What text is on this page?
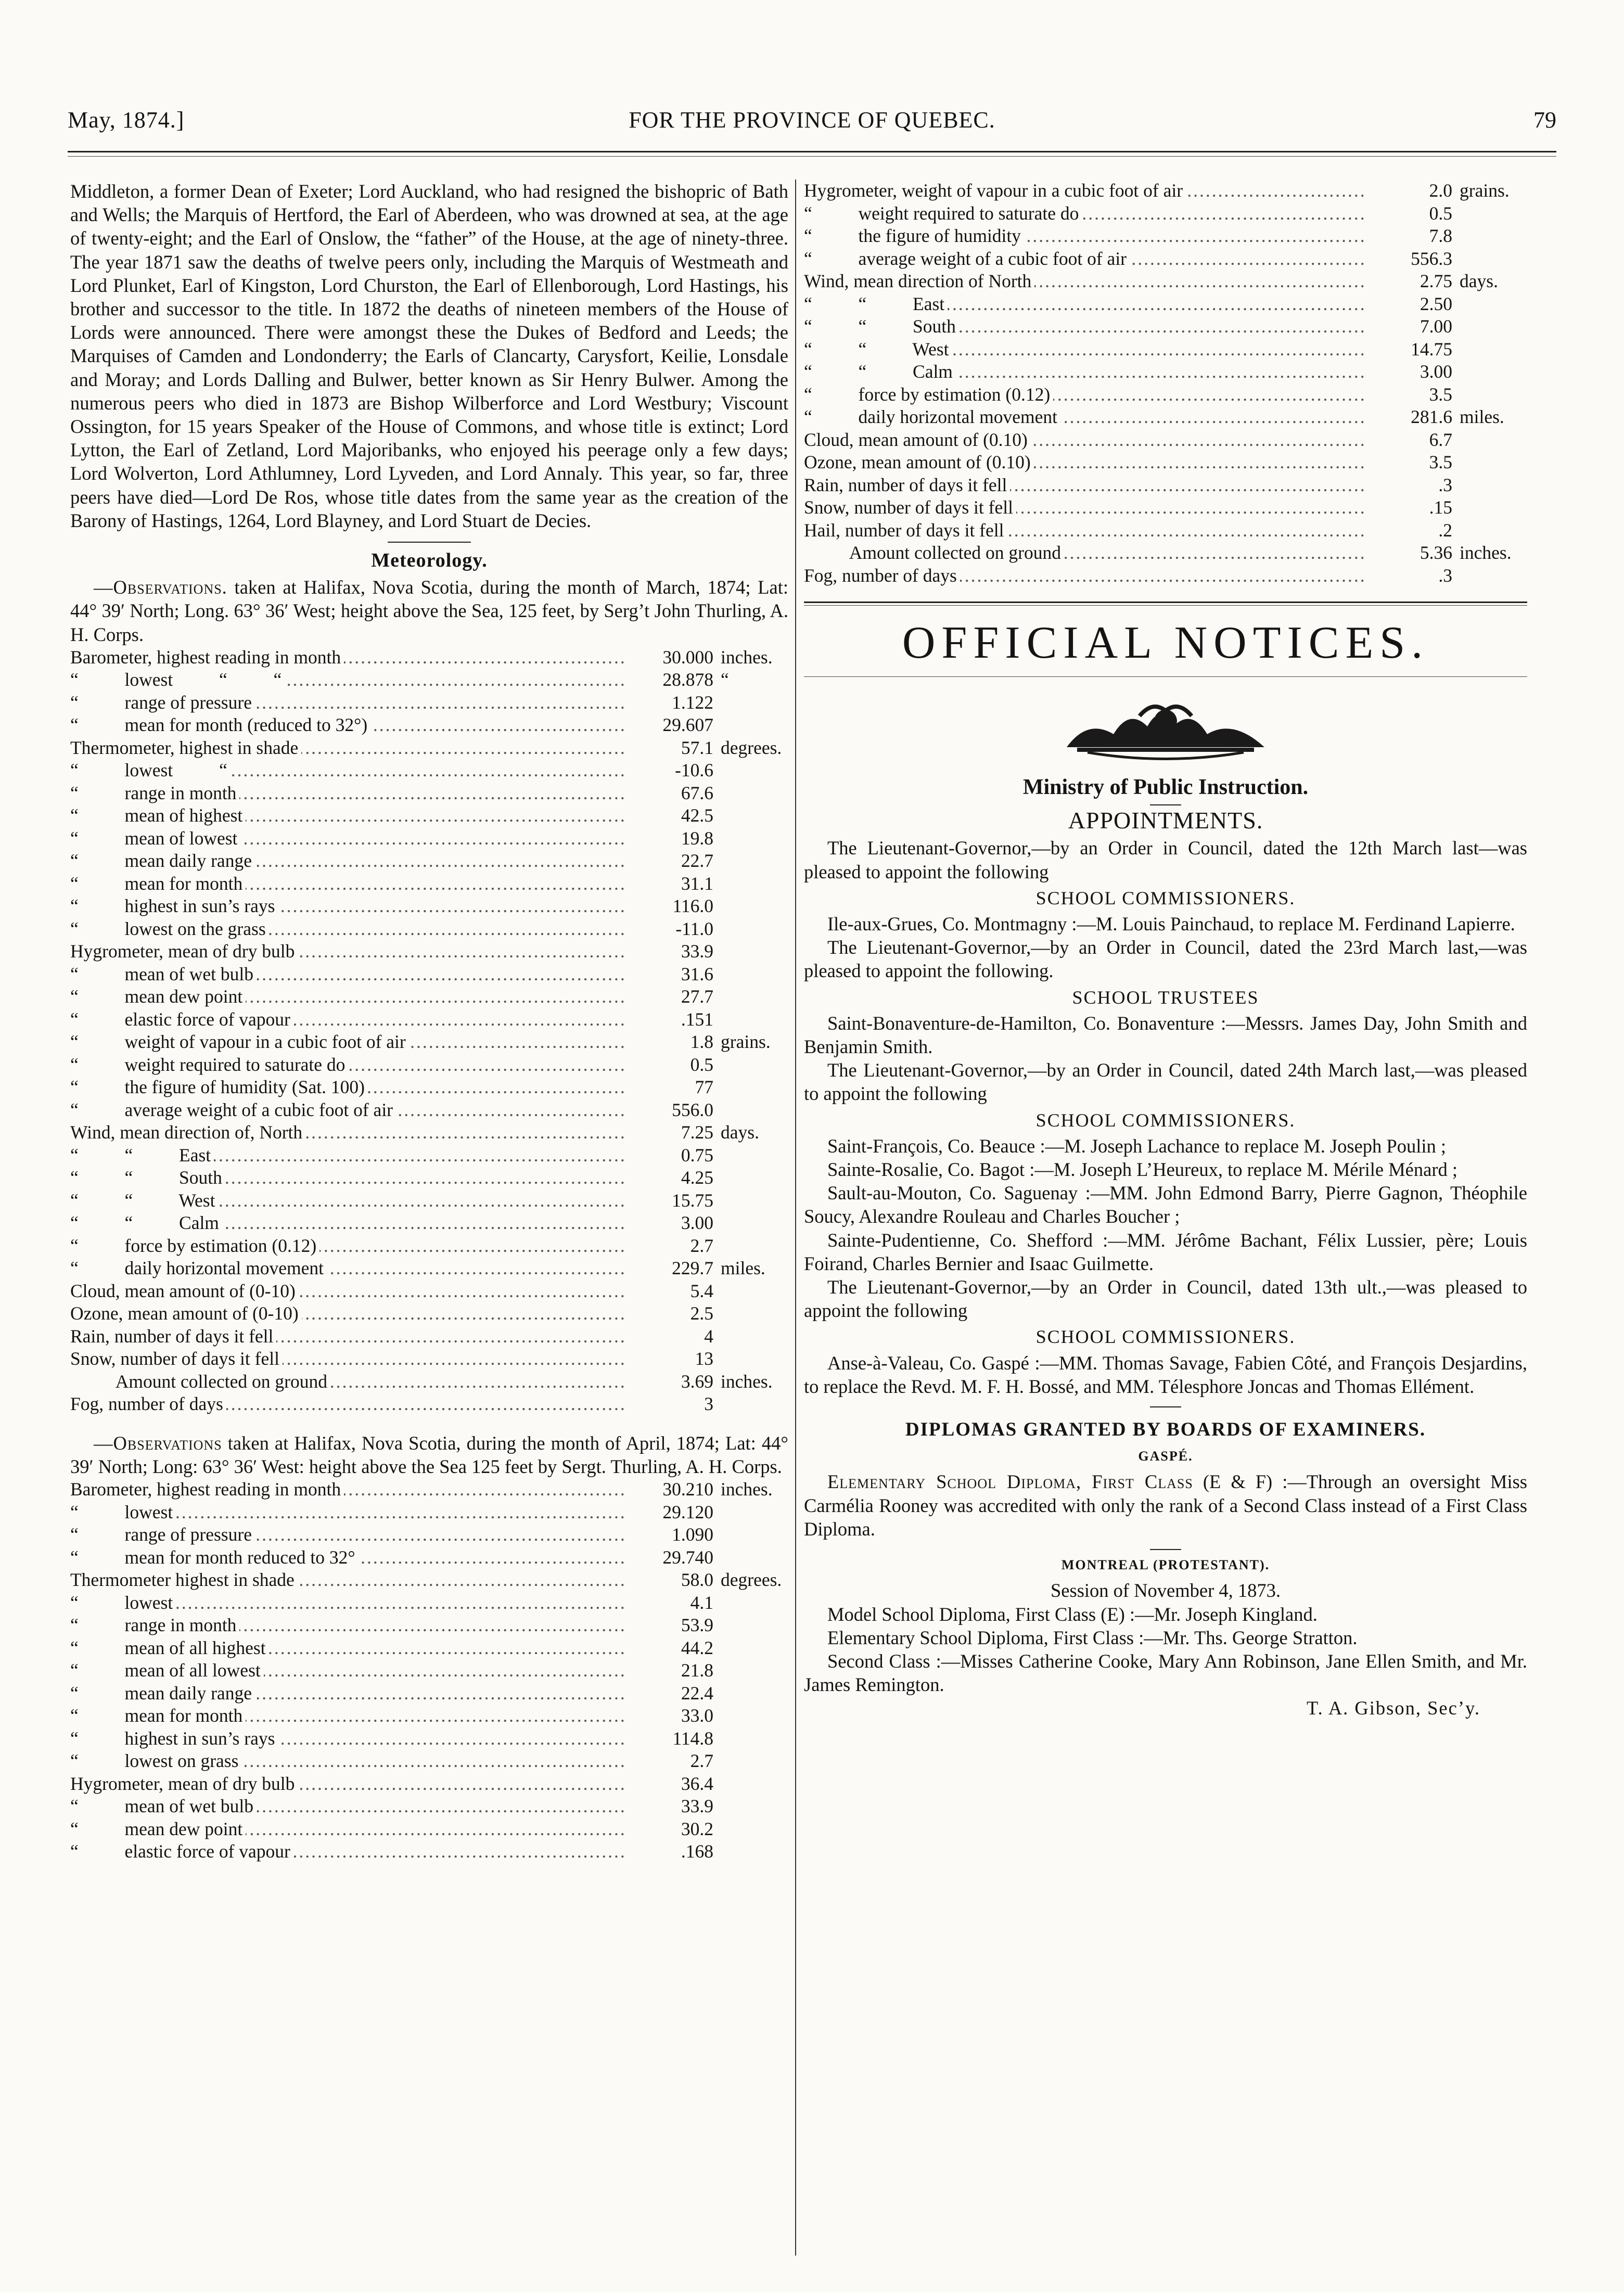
May, 1874.]	FOR THE PROVINCE OF QUEBEC.	79

Middleton, a former Dean of Exeter; Lord Auckland, who had resigned the bishopric of Bath and Wells; the Marquis of Hertford, the Earl of Aberdeen, who was drowned at sea, at the age of twenty-eight; and the Earl of Onslow, the “father” of the House, at the age of ninety-three. The year 1871 saw the deaths of twelve peers only, including the Marquis of Westmeath and Lord Plunket, Earl of Kingston, Lord Churston, the Earl of Ellenborough, Lord Hastings, his brother and successor to the title. In 1872 the deaths of nineteen members of the House of Lords were announced. There were amongst these the Dukes of Bedford and Leeds; the Marquises of Camden and Londonderry; the Earls of Clancarty, Carysfort, Keilie, Lonsdale and Moray; and Lords Dalling and Bulwer, better known as Sir Henry Bulwer. Among the numerous peers who died in 1873 are Bishop Wilberforce and Lord Westbury; Viscount Ossington, for 15 years Speaker of the House of Commons, and whose title is extinct; Lord Lytton, the Earl of Zetland, Lord Majoribanks, who enjoyed his peerage only a few days; Lord Wolverton, Lord Athlumney, Lord Lyveden, and Lord Annaly. This year, so far, three peers have died—Lord De Ros, whose title dates from the same year as the creation of the Barony of Hastings, 1264, Lord Blayney, and Lord Stuart de Decies.

Meteorology.

—Observations. taken at Halifax, Nova Scotia, during the month of March, 1874; Lat: 44° 39′ North; Long. 63° 36′ West; height above the Sea, 125 feet, by Serg’t John Thurling, A. H. Corps.

Barometer, highest reading in month .....	30.000	inches.
“          lowest          “          “ .....	28.878	“
“          range of pressure .....	1.122	
“          mean for month (reduced to 32°) .....	29.607	
Thermometer, highest in shade .....	57.1	degrees.
“          lowest          “ .....	-10.6	
“          range in month .....	67.6	
“          mean of highest .....	42.5	
“          mean of lowest .....	19.8	
“          mean daily range .....	22.7	
“          mean for month .....	31.1	
“          highest in sun’s rays .....	116.0	
“          lowest on the grass .....	-11.0	
Hygrometer, mean of dry bulb .....	33.9	
“          mean of wet bulb .....	31.6	
“          mean dew point .....	27.7	
“          elastic force of vapour .....	.151	
“          weight of vapour in a cubic foot of air .....	1.8	grains.
“          weight required to saturate do .....	0.5	
“          the figure of humidity (Sat. 100) .....	77	
“          average weight of a cubic foot of air .....	556.0	
Wind, mean direction of, North .....	7.25	days.
“          “          East .....	0.75	
“          “          South .....	4.25	
“          “          West .....	15.75	
“          “          Calm .....	3.00	
“          force by estimation (0.12) .....	2.7	
“          daily horizontal movement .....	229.7	miles.
Cloud, mean amount of (0-10) .....	5.4	
Ozone, mean amount of (0-10) .....	2.5	
Rain, number of days it fell .....	4	
Snow, number of days it fell .....	13	
Amount collected on ground .....	3.69	inches.
Fog, number of days .....	3	

—Observations taken at Halifax, Nova Scotia, during the month of April, 1874; Lat: 44° 39′ North; Long: 63° 36′ West: height above the Sea 125 feet by Sergt. Thurling, A. H. Corps.

Barometer, highest reading in month .....	30.210	inches.
“          lowest .....	29.120	
“          range of pressure .....	1.090	
“          mean for month reduced to 32° .....	29.740	
Thermometer highest in shade .....	58.0	degrees.
“          lowest .....	4.1	
“          range in month .....	53.9	
“          mean of all highest .....	44.2	
“          mean of all lowest .....	21.8	
“          mean daily range .....	22.4	
“          mean for month .....	33.0	
“          highest in sun’s rays .....	114.8	
“          lowest on grass .....	2.7	
Hygrometer, mean of dry bulb .....	36.4	
“          mean of wet bulb .....	33.9	
“          mean dew point .....	30.2	
“          elastic force of vapour .....	.168	
Hygrometer, weight of vapour in a cubic foot of air .....	2.0	grains.
“          weight required to saturate do .....	0.5	
“          the figure of humidity .....	7.8	
“          average weight of a cubic foot of air .....	556.3	
Wind, mean direction of North .....	2.75	days.
“          “          East .....	2.50	
“          “          South .....	7.00	
“          “          West .....	14.75	
“          “          Calm .....	3.00	
“          force by estimation (0.12) .....	3.5	
“          daily horizontal movement .....	281.6	miles.
Cloud, mean amount of (0.10) .....	6.7	
Ozone, mean amount of (0.10) .....	3.5	
Rain, number of days it fell .....	.3	
Snow, number of days it fell .....	.15	
Hail, number of days it fell .....	.2	
Amount collected on ground .....	5.36	inches.
Fog, number of days .....	.3	
OFFICIAL NOTICES.
Ministry of Public Instruction.
APPOINTMENTS.

The Lieutenant-Governor,—by an Order in Council, dated the 12th March last—was pleased to appoint the following

SCHOOL COMMISSIONERS.

Ile-aux-Grues, Co. Montmagny :—M. Louis Painchaud, to replace M. Ferdinand Lapierre.

The Lieutenant-Governor,—by an Order in Council, dated the 23rd March last,—was pleased to appoint the following.

SCHOOL TRUSTEES

Saint-Bonaventure-de-Hamilton, Co. Bonaventure :—Messrs. James Day, John Smith and Benjamin Smith.

The Lieutenant-Governor,—by an Order in Council, dated 24th March last,—was pleased to appoint the following

SCHOOL COMMISSIONERS.

Saint-François, Co. Beauce :—M. Joseph Lachance to replace M. Joseph Poulin ;

Sainte-Rosalie, Co. Bagot :—M. Joseph L’Heureux, to replace M. Mérile Ménard ;

Sault-au-Mouton, Co. Saguenay :—MM. John Edmond Barry, Pierre Gagnon, Théophile Soucy, Alexandre Rouleau and Charles Boucher ;

Sainte-Pudentienne, Co. Shefford :—MM. Jérôme Bachant, Félix Lussier, père; Louis Foirand, Charles Bernier and Isaac Guilmette.

The Lieutenant-Governor,—by an Order in Council, dated 13th ult.,—was pleased to appoint the following

SCHOOL COMMISSIONERS.

Anse-à-Valeau, Co. Gaspé :—MM. Thomas Savage, Fabien Côté, and François Desjardins, to replace the Revd. M. F. H. Bossé, and MM. Télesphore Joncas and Thomas Ellément.

DIPLOMAS GRANTED BY BOARDS OF EXAMINERS.
GASPÉ.

Elementary School Diploma, First Class (E & F) :—Through an oversight Miss Carmélia Rooney was accredited with only the rank of a Second Class instead of a First Class Diploma.

MONTREAL (PROTESTANT).
Session of November 4, 1873.

Model School Diploma, First Class (E) :—Mr. Joseph Kingland.

Elementary School Diploma, First Class :—Mr. Ths. George Stratton.

Second Class :—Misses Catherine Cooke, Mary Ann Robinson, Jane Ellen Smith, and Mr. James Remington.

T. A. Gibson, Sec’y.
